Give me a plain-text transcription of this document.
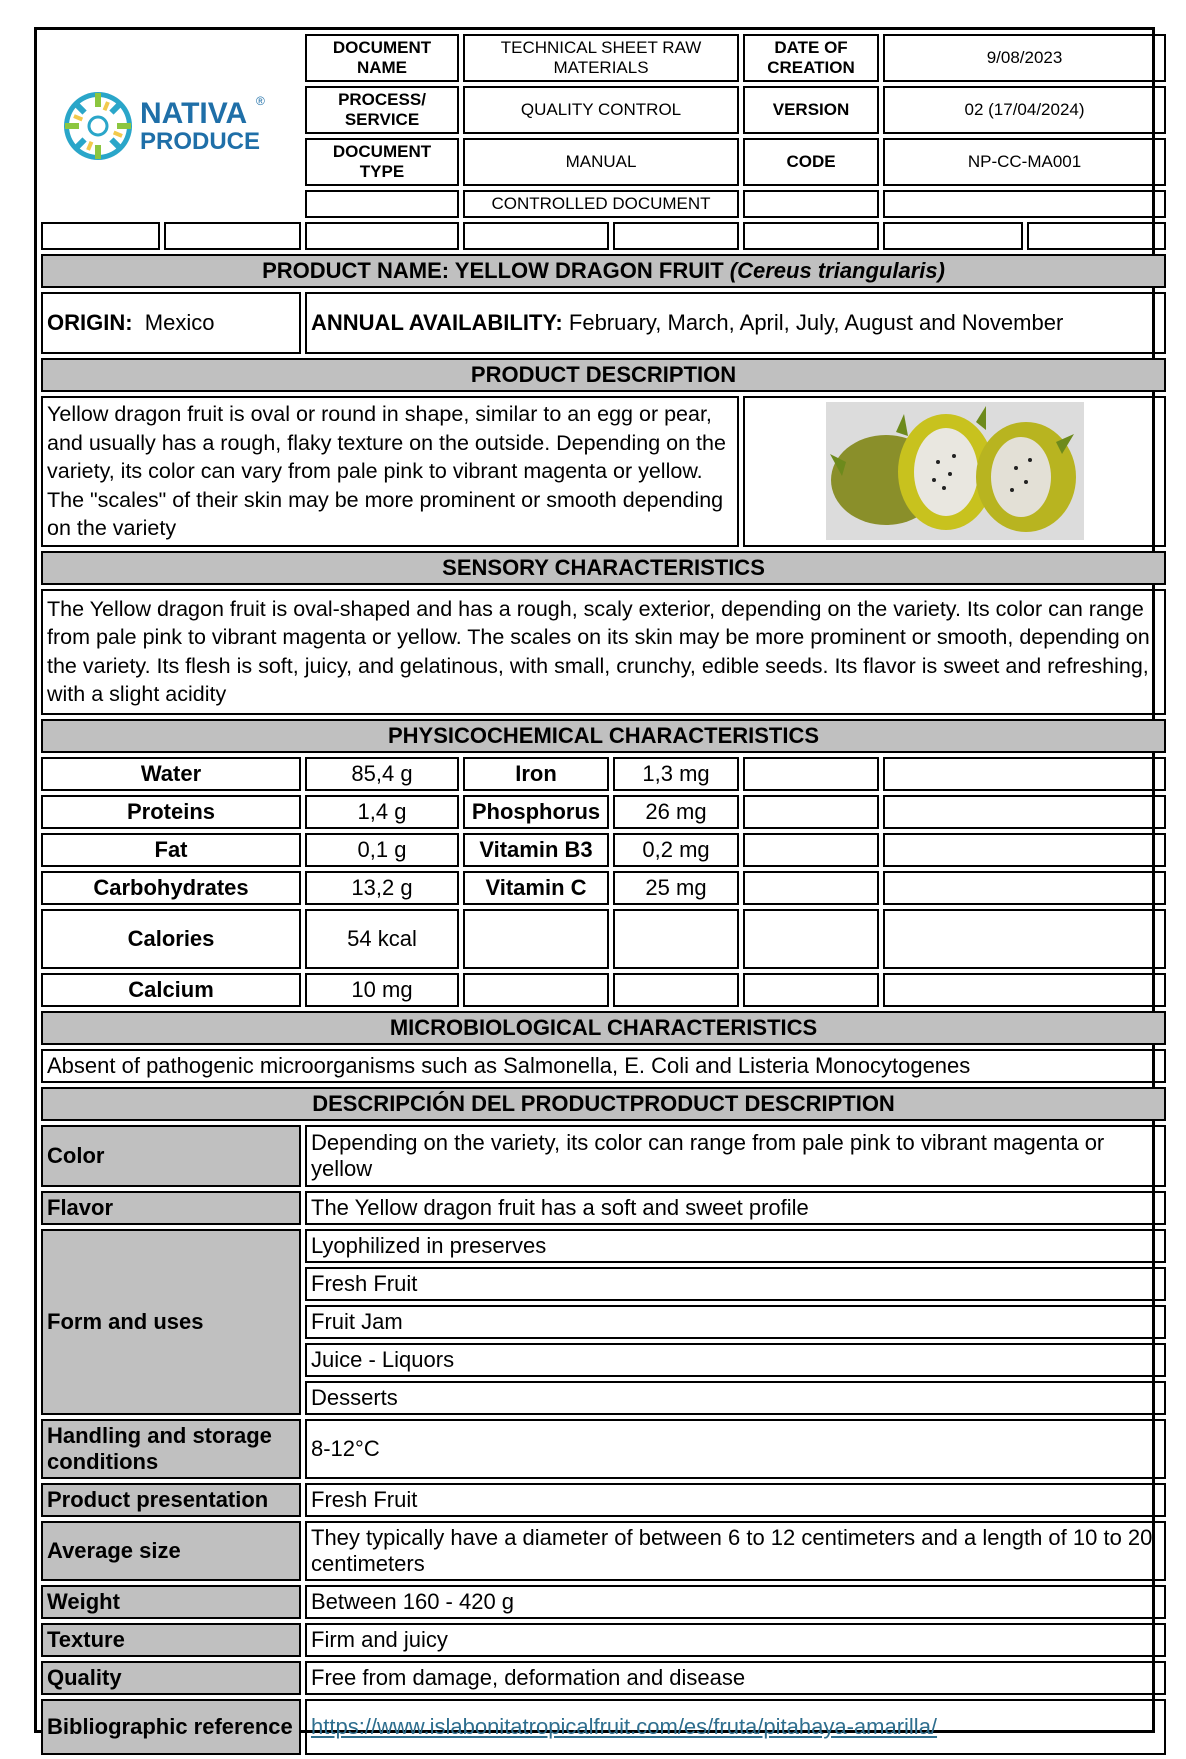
NATIVA ®
PRODUCE		DOCUMENT NAME	TECHNICAL SHEET RAW MATERIALS		DATE OF CREATION	9/08/2023	
		PROCESS/ SERVICE	QUALITY CONTROL		VERSION	02 (17/04/2024)	
		DOCUMENT TYPE	MANUAL		CODE	NP-CC-MA001	
			CONTROLLED DOCUMENT				

PRODUCT NAME: YELLOW DRAGON FRUIT (Cereus triangularis)							
ORIGIN: Mexico		ANNUAL AVAILABILITY: February, March, April, July, August and November					
PRODUCT DESCRIPTION							
Yellow dragon fruit is oval or round in shape, similar to an egg or pear, and usually has a rough, flaky texture on the outside. Depending on the variety, its color can vary from pale pink to vibrant magenta or yellow. The "scales" of their skin may be more prominent or smooth depending on the variety	

SENSORY CHARACTERISTICS							
The Yellow dragon fruit is oval-shaped and has a rough, scaly exterior, depending on the variety. Its color can range from pale pink to vibrant magenta or yellow. The scales on its skin may be more prominent or smooth, depending on the variety. Its flesh is soft, juicy, and gelatinous, with small, crunchy, edible seeds. Its flavor is sweet and refreshing, with a slight acidity							
PHYSICOCHEMICAL CHARACTERISTICS							
Water		85,4 g	Iron	1,3 mg			
Proteins		1,4 g	Phosphorus	26 mg			
Fat		0,1 g	Vitamin B3	0,2 mg			
Carbohydrates		13,2 g	Vitamin C	25 mg			
Calories		54 kcal					
Calcium		10 mg					
MICROBIOLOGICAL CHARACTERISTICS							
Absent of pathogenic microorganisms such as Salmonella, E. Coli and Listeria Monocytogenes							
DESCRIPCIÓN DEL PRODUCTPRODUCT DESCRIPTION							
Color		Depending on the variety, its color can range from pale pink to vibrant magenta or yellow					
Flavor		The Yellow dragon fruit has a soft and sweet profile					
Form and uses		Lyophilized in preserves					
		Fresh Fruit					
		Fruit Jam					
		Juice - Liquors					
		Desserts					
Handling and storage conditions		8-12°C					
Product presentation		Fresh Fruit					
Average size		They typically have a diameter of between 6 to 12 centimeters and a length of 10 to 20 centimeters					
Weight		Between 160 - 420 g					
Texture		Firm and juicy					
Quality		Free from damage, deformation and disease					
Bibliographic reference		https://www.islabonitatropicalfruit.com/es/fruta/pitahaya-amarilla/					
